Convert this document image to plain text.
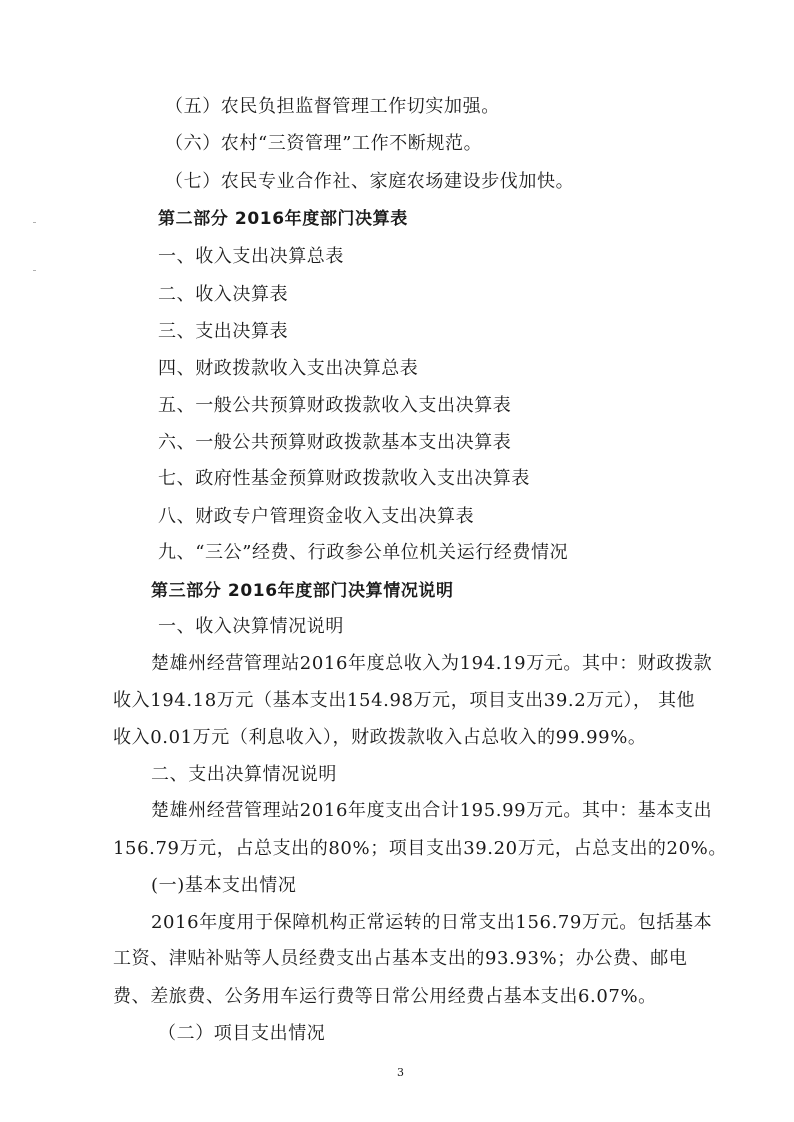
（五）农民负担监督管理工作切实加强。
（六）农村“三资管理”工作不断规范。
（七）农民专业合作社、家庭农场建设步伐加快。
第二部分 2016年度部门决算表
一、收入支出决算总表
二、收入决算表
三、支出决算表
四、财政拨款收入支出决算总表
五、一般公共预算财政拨款收入支出决算表
六、一般公共预算财政拨款基本支出决算表
七、政府性基金预算财政拨款收入支出决算表
八、财政专户管理资金收入支出决算表
九、“三公”经费、行政参公单位机关运行经费情况
第三部分 2016年度部门决算情况说明
一、收入决算情况说明
楚雄州经营管理站2016年度总收入为194.19万元。其中：财政拨款
收入194.18万元（基本支出154.98万元，项目支出39.2万元）， 其他
收入0.01万元（利息收入），财政拨款收入占总收入的99.99%。
二、支出决算情况说明
楚雄州经营管理站2016年度支出合计195.99万元。其中：基本支出
156.79万元，占总支出的80%；项目支出39.20万元，占总支出的20%。
(一)基本支出情况
2016年度用于保障机构正常运转的日常支出156.79万元。包括基本
工资、津贴补贴等人员经费支出占基本支出的93.93%；办公费、邮电
费、差旅费、公务用车运行费等日常公用经费占基本支出6.07%。
（二）项目支出情况
3
